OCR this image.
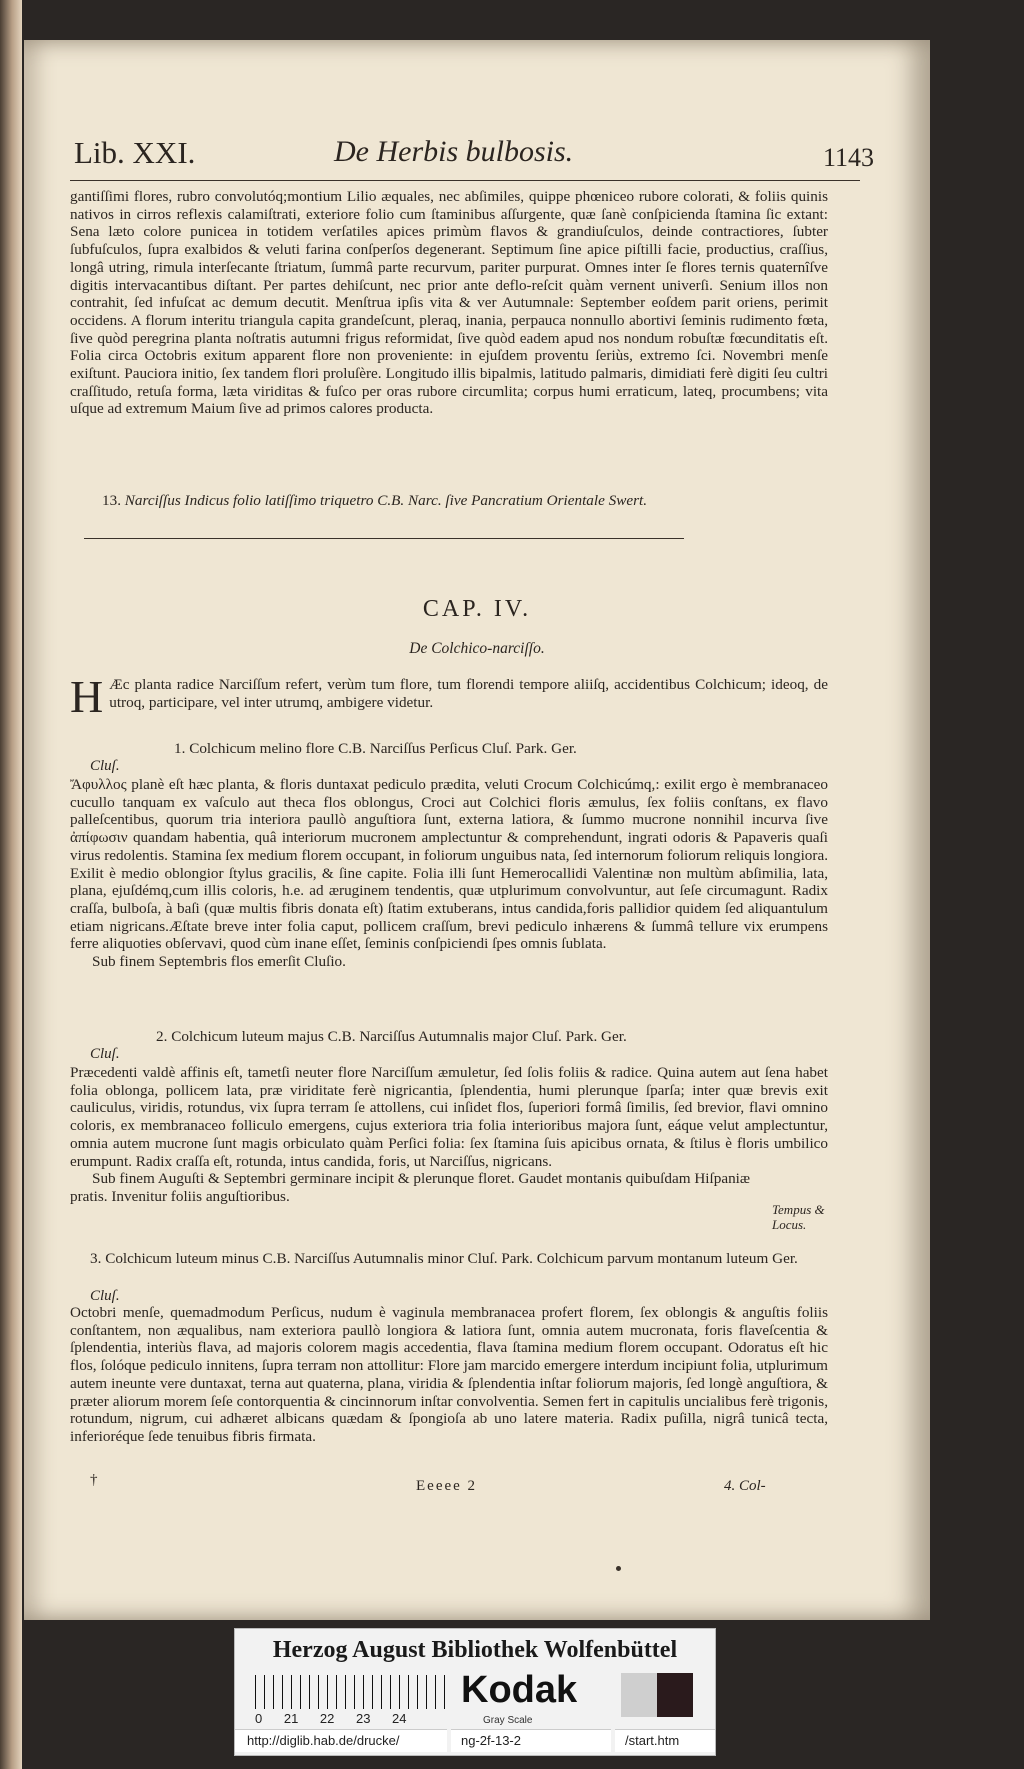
Lib. XXI.	De Herbis bulbosis.	1143

gantiſſimi flores, rubro convolutóq;montium Lilio æquales, nec abſimiles, quippe phœniceo rubore colorati, & foliis quinis nativos in cirros reflexis calamiſtrati, exteriore folio cum ſtaminibus aſſurgente, quæ ſanè conſpicienda ſtamina ſic extant: Sena læto colore puniceа in totidem verſatiles apices primùm flavos & grandiuſculos, deinde contractiores, ſubter ſubfuſculos, ſupra exalbidos & veluti farina conſperſos degenerant. Septimum ſine apice piſtilli facie, productius, craſſius, longâ utring, rimula interſecante ſtriatum, ſummâ parte recurvum, pariter purpurat. Omnes inter ſe flores ternis quaternîſve digitis intervacantibus diſtant. Per partes dehiſcunt, nec prior ante deflo-reſcit quàm vernent univerſi. Senium illos non contrahit, ſed infuſcat ac demum decutit. Menſtrua ipſis vita & ver Autumnale: September eoſdem parit oriens, perimit occidens. A florum interitu triangula capita grandeſcunt, pleraq, inania, perpauca nonnullo abortivi ſeminis rudimento fœta, ſive quòd peregrina planta noſtratis autumni frigus reformidat, ſive quòd eadem apud nos nondum robuſtæ fœcunditatis eſt. Folia circa Octobris exitum apparent flore non proveniente: in ejuſdem proventu ſeriùs, extremo ſci. Novembri menſe exiſtunt. Pauciora initio, ſex tandem flori proluſère. Longitudo illis bipalmis, latitudo palmaris, dimidiati ferè digiti ſeu cultri craſſitudo, retuſa forma, læta viriditas & fuſco per oras rubore circumlita; corpus humi erraticum, lateq, procumbens; vita uſque ad extremum Maium ſive ad primos calores producta.

13. Narciſſus Indicus folio latiſſimo triquetro C.B. Narc. ſive Pancratium Orientale Swert.
CAP. IV.
De Colchico-narciſſo.
H Æc planta radice Narciſſum refert, verùm tum flore, tum florendi tempore aliiſq, accidentibus Colchicum; ideoq, de utroq, participare, vel inter utrumq, ambigere videtur.

1. Colchicum melino flore C.B. Narciſſus Perſicus Cluſ. Park. Ger.
Cluſ.

Ἄφυλλος planè eſt hæc planta, & floris duntaxat pediculo prædita, veluti Crocum Colchicúmq,: exilit ergo è membranaceo cucullo tanquam ex vaſculo aut theca flos oblongus, Croci aut Colchici floris æmulus, ſex foliis conſtans, ex flavo palleſcentibus, quorum tria interiora paullò anguſtiora ſunt, externa latiora, & ſummo mucrone nonnihil incurva ſive ἀπίφωσιν quandam habentia, quâ interiorum mucronem amplectuntur & comprehendunt, ingrati odoris & Papaveris quaſi virus redolentis. Stamina ſex medium florem occupant, in foliorum unguibus nata, ſed internorum foliorum reliquis longiora. Exilit è medio oblongior ſtylus gracilis, & ſine capite. Folia illi ſunt Hemerocallidi Valentinæ non multùm abſimilia, lata, plana, ejuſdémq,cum illis coloris, h.e. ad æruginem tendentis, quæ utplurimum convolvuntur, aut ſeſe circumagunt. Radix craſſa, bulboſa, à baſi (quæ multis fibris donata eſt) ſtatim extuberans, intus candida,foris pallidior quidem ſed aliquantulum etiam nigricans.Æſtate breve inter folia caput, pollicem craſſum, brevi pediculo inhærens & ſummâ tellure vix erumpens ferre aliquoties obſervavi, quod cùm inane eſſet, ſeminis conſpiciendi ſpes omnis ſublata.

Sub finem Septembris flos emerſit Cluſio.

2. Colchicum luteum majus C.B. Narciſſus Autumnalis major Cluſ. Park. Ger.
Cluſ.

Præcedenti valdè affinis eſt, tametſi neuter flore Narciſſum æmuletur, ſed ſolis foliis & radice. Quina autem aut ſena habet folia oblonga, pollicem lata, præ viriditate ferè nigricantia, ſplendentia, humi plerunque ſparſa; inter quæ brevis exit cauliculus, viridis, rotundus, vix ſupra terram ſe attollens, cui inſidet flos, ſuperiori formâ ſimilis, ſed brevior, flavi omnino coloris, ex membranaceo folliculo emergens, cujus exteriora tria folia interioribus majora ſunt, eáque velut amplectuntur, omnia autem mucrone ſunt magis orbiculato quàm Perſici folia: ſex ſtamina ſuis apicibus ornata, & ſtilus è floris umbilico erumpunt. Radix craſſa eſt, rotunda, intus candida, foris, ut Narciſſus, nigricans.

Sub finem Auguſti & Septembri germinare incipit & plerunque floret. Gaudet montanis quibuſdam Hiſpaniæ pratis. Invenitur foliis anguſtioribus.

Tempus & Locus.
3. Colchicum luteum minus C.B. Narciſſus Autumnalis minor Cluſ. Park. Colchicum parvum montanum luteum Ger.
Cluſ.

Octobri menſe, quemadmodum Perſicus, nudum è vaginula membranacea profert florem, ſex oblongis & anguſtis foliis conſtantem, non æqualibus, nam exteriora paullò longiora & latiora ſunt, omnia autem mucronata, foris flaveſcentia & ſplendentia, interiùs flava, ad majoris colorem magis accedentia, flava ſtamina medium florem occupant. Odoratus eſt hic flos, ſolóque pediculo innitens, ſupra terram non attollitur: Flore jam marcido emergere interdum incipiunt folia, utplurimum autem ineunte vere duntaxat, terna aut quaterna, plana, viridia & ſplendentia inſtar foliorum majoris, ſed longè anguſtiora, & præter aliorum morem ſeſe contorquentia & cincinnorum inſtar convolventia. Semen fert in capitulis uncialibus ferè trigonis, rotundum, nigrum, cui adhæret albicans quædam & ſpongioſa ab uno latere materia. Radix puſilla, nigrâ tunicâ tecta, inferioréque ſede tenuibus fibris firmata.

†	Eeeee 2	4. Col-
Herzog August Bibliothek Wolfenbüttel
0 21 22 23 24
Kodak
Gray Scale
http://diglib.hab.de/drucke/	ng-2f-13-2	/start.htm
